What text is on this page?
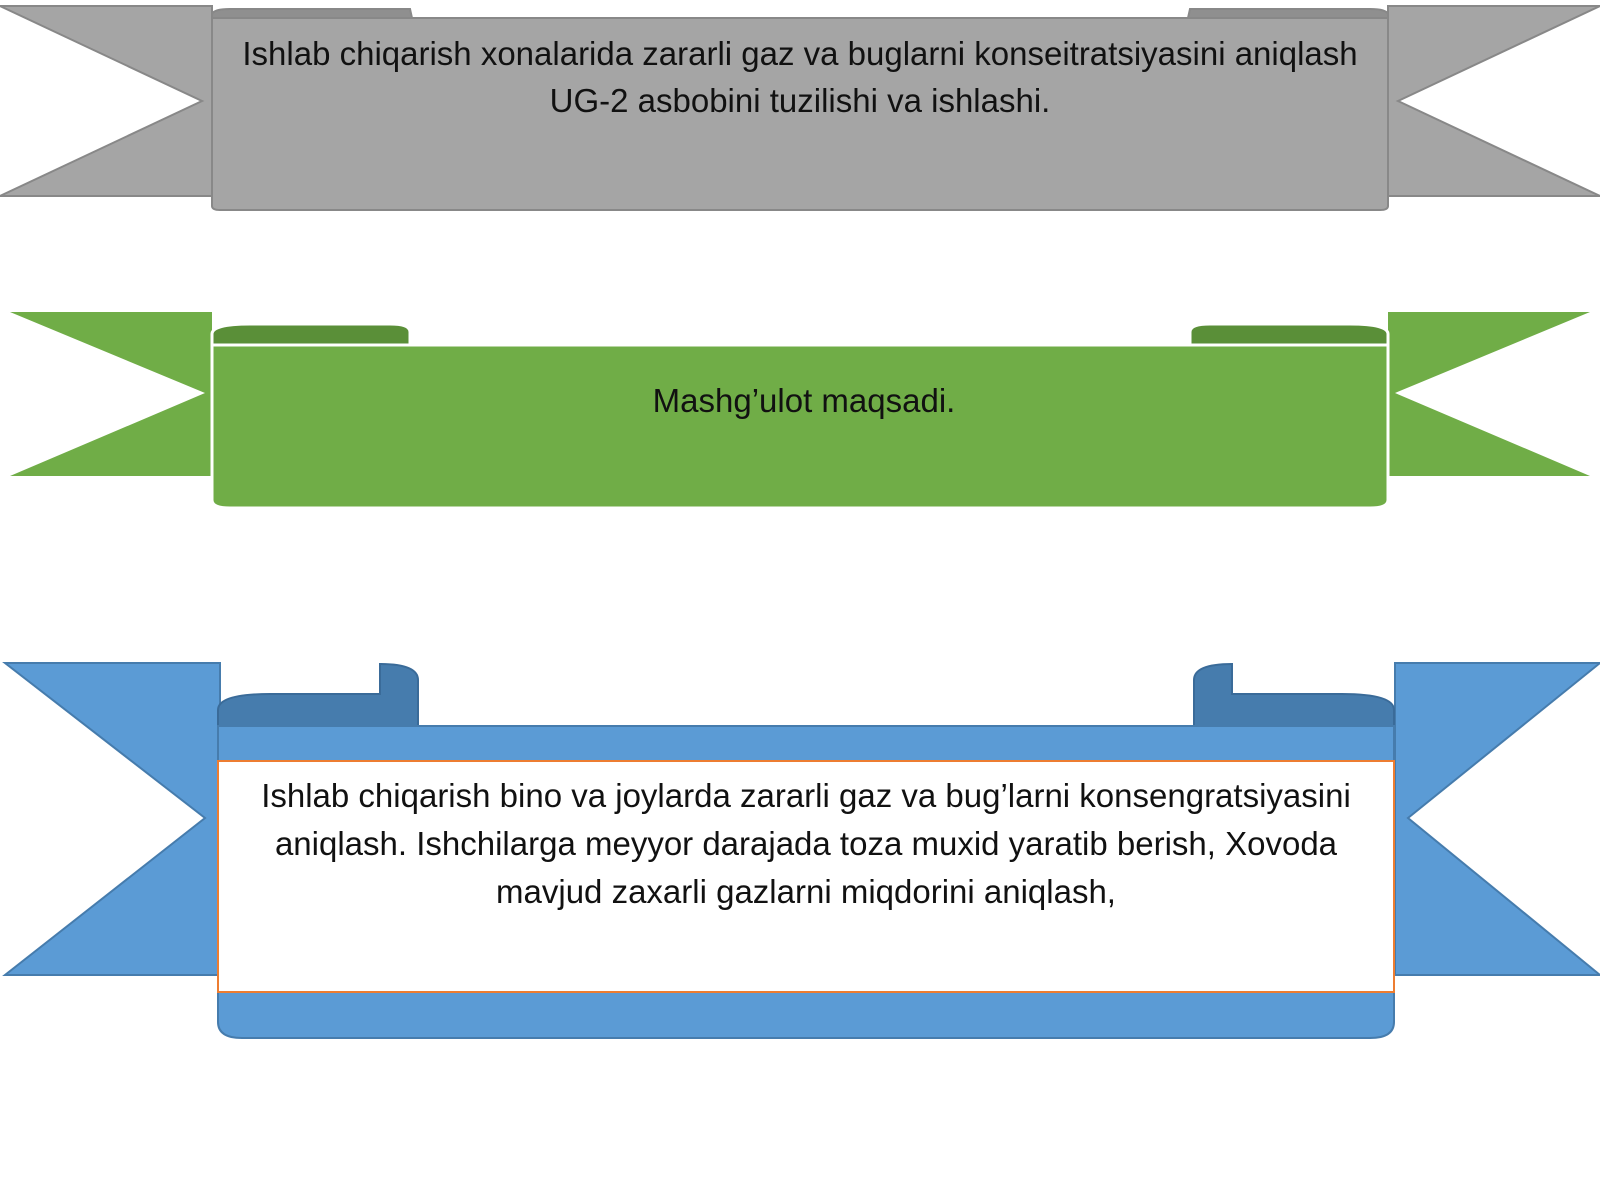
Ishlab chiqarish xonalarida zararli gaz va buglarni konseitratsiyasini aniqlash UG-2 asbobini tuzilishi va ishlashi.

Mashg’ulot maqsadi.

Ishlab chiqarish bino va joylarda zararli gaz va bug’larni konsengratsiyasini aniqlash. Ishchilarga meyyor darajada toza muxid yaratib berish, Xovoda mavjud zaxarli gazlarni miqdorini aniqlash,
